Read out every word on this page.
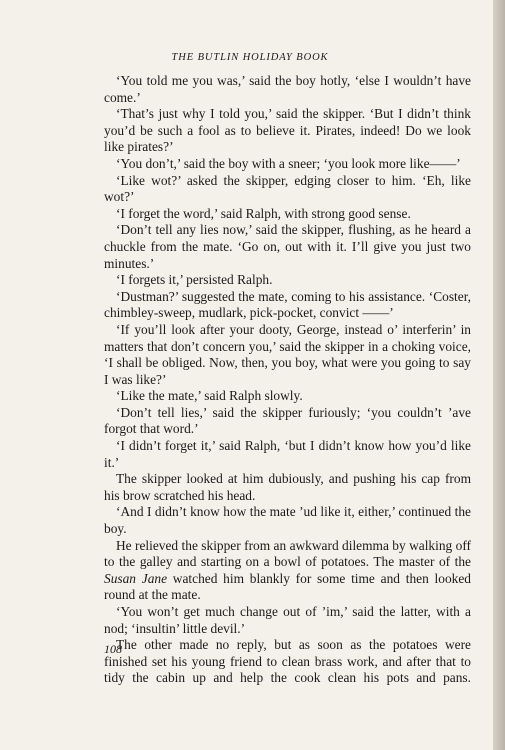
THE BUTLIN HOLIDAY BOOK

‘You told me you was,’ said the boy hotly, ‘else I wouldn’t have come.’

‘That’s just why I told you,’ said the skipper. ‘But I didn’t think you’d be such a fool as to believe it. Pirates, indeed! Do we look like pirates?’

‘You don’t,’ said the boy with a sneer; ‘you look more like——’

‘Like wot?’ asked the skipper, edging closer to him. ‘Eh, like wot?’

‘I forget the word,’ said Ralph, with strong good sense.

‘Don’t tell any lies now,’ said the skipper, flushing, as he heard a chuckle from the mate. ‘Go on, out with it. I’ll give you just two minutes.’

‘I forgets it,’ persisted Ralph.

‘Dustman?’ suggested the mate, coming to his assistance. ‘Coster, chimbley-sweep, mudlark, pick-pocket, convict ——’

‘If you’ll look after your dooty, George, instead o’ interferin’ in matters that don’t concern you,’ said the skipper in a choking voice, ‘I shall be obliged. Now, then, you boy, what were you going to say I was like?’

‘Like the mate,’ said Ralph slowly.

‘Don’t tell lies,’ said the skipper furiously; ‘you couldn’t ’ave forgot that word.’

‘I didn’t forget it,’ said Ralph, ‘but I didn’t know how you’d like it.’

The skipper looked at him dubiously, and pushing his cap from his brow scratched his head.

‘And I didn’t know how the mate ’ud like it, either,’ continued the boy.

He relieved the skipper from an awkward dilemma by walking off to the galley and starting on a bowl of potatoes. The master of the Susan Jane watched him blankly for some time and then looked round at the mate.

‘You won’t get much change out of ’im,’ said the latter, with a nod; ‘insultin’ little devil.’

The other made no reply, but as soon as the potatoes were finished set his young friend to clean brass work, and after that to tidy the cabin up and help the cook clean his pots and pans.

108
